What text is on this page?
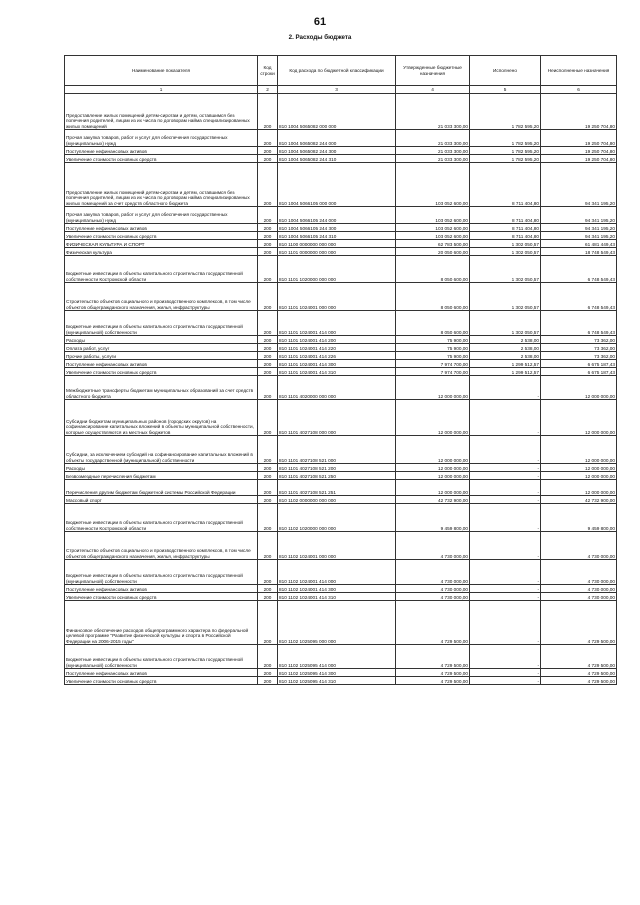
61
2. Расходы бюджета
Наименование показателя	Код строки	Код расхода по бюджетной классификации	Утвержденные бюджетные назначения	Исполнено	Неисполненные назначения
1	2	3	4	5	6
Предоставление жилых помещений детям-сиротам и детям, оставшимся без попечения родителей, лицам из их числа по договорам найма специализированных жилых помещений	200	810 1004 5065082 000 000	21 033 300,00	1 782 595,20	19 250 704,80
Прочая закупка товаров, работ и услуг для обеспечения государственных (муниципальных) нужд	200	810 1004 5065082 244 000	21 033 300,00	1 782 595,20	19 250 704,80
Поступление нефинансовых активов	200	810 1004 5065082 244 300	21 033 300,00	1 782 595,20	19 250 704,80
Увеличение стоимости основных средств	200	810 1004 5065082 244 310	21 033 300,00	1 782 595,20	19 250 704,80
Предоставление жилых помещений детям-сиротам и детям, оставшимся без попечения родителей, лицам из их числа по договорам найма специализированных жилых помещений за счет средств областного бюджета	200	810 1004 5066105 000 000	103 052 600,00	8 711 404,80	94 341 195,20
Прочая закупка товаров, работ и услуг для обеспечения государственных (муниципальных) нужд	200	810 1004 5066105 244 000	103 052 600,00	8 711 404,80	94 341 195,20
Поступление нефинансовых активов	200	810 1004 5066105 244 300	103 052 600,00	8 711 404,80	94 341 195,20
Увеличение стоимости основных средств	200	810 1004 5066105 244 310	103 052 600,00	8 711 404,80	94 341 195,20
ФИЗИЧЕСКАЯ КУЛЬТУРА И СПОРТ	200	810 1100 0000000 000 000	62 783 500,00	1 302 050,57	61 481 449,43
Физическая культура	200	810 1101 0000000 000 000	20 050 600,00	1 302 050,57	18 748 549,43
Бюджетные инвестиции в объекты капитального строительства государственной собственности Костромской области	200	810 1101 1020000 000 000	8 050 600,00	1 302 050,57	6 748 549,43
Строительство объектов социального и производственного комплексов, в том числе объектов общегражданского назначения, жилья, инфраструктуры	200	810 1101 1024001 000 000	8 050 600,00	1 302 050,57	6 748 549,43
Бюджетные инвестиции в объекты капитального строительства государственной (муниципальной) собственности	200	810 1101 1024001 414 000	8 050 600,00	1 302 050,57	6 748 549,43
Расходы	200	810 1101 1024001 414 200	75 900,00	2 538,00	73 362,00
Оплата работ, услуг	200	810 1101 1024001 414 220	75 900,00	2 538,00	73 362,00
Прочие работы, услуги	200	810 1101 1024001 414 226	75 900,00	2 538,00	73 362,00
Поступление нефинансовых активов	200	810 1101 1024001 414 300	7 974 700,00	1 299 512,57	6 675 187,43
Увеличение стоимости основных средств	200	810 1101 1024001 414 310	7 974 700,00	1 299 512,57	6 675 187,43
Межбюджетные трансферты бюджетам муниципальных образований за счет средств областного бюджета	200	810 1101 4020000 000 000	12 000 000,00	-	12 000 000,00
Субсидии бюджетам муниципальных районов (городских округов) на софинансирование капитальных вложений в объекты муниципальной собственности, которые осуществляются из местных бюджетов	200	810 1101 4027108 000 000	12 000 000,00	-	12 000 000,00
Субсидии, за исключением субсидий на софинансирование капитальных вложений в объекты государственной (муниципальной) собственности	200	810 1101 4027108 521 000	12 000 000,00	-	12 000 000,00
Расходы	200	810 1101 4027108 521 200	12 000 000,00	-	12 000 000,00
Безвозмездные перечисления бюджетам	200	810 1101 4027108 521 250	12 000 000,00	-	12 000 000,00
Перечисления другим бюджетам бюджетной системы Российской Федерации	200	810 1101 4027108 521 251	12 000 000,00	-	12 000 000,00
Массовый спорт	200	810 1102 0000000 000 000	42 732 900,00	-	42 732 900,00
Бюджетные инвестиции в объекты капитального строительства государственной собственности Костромской области	200	810 1102 1020000 000 000	9 459 800,00	-	9 459 800,00
Строительство объектов социального и производственного комплексов, в том числе объектов общегражданского назначения, жилья, инфраструктуры	200	810 1102 1024001 000 000	4 730 000,00	-	4 730 000,00
Бюджетные инвестиции в объекты капитального строительства государственной (муниципальной) собственности	200	810 1102 1024001 414 000	4 730 000,00	-	4 730 000,00
Поступление нефинансовых активов	200	810 1102 1024001 414 300	4 730 000,00	-	4 730 000,00
Увеличение стоимости основных средств	200	810 1102 1024001 414 310	4 730 000,00	-	4 730 000,00
Финансовое обеспечение расходов общепрограммного характера по федеральной целевой программе "Развитие физической культуры и спорта в Российской Федерации на 2006-2015 годы"	200	810 1102 1025095 000 000	4 729 500,00	-	4 729 500,00
Бюджетные инвестиции в объекты капитального строительства государственной (муниципальной) собственности	200	810 1102 1025095 414 000	4 729 500,00	-	4 729 500,00
Поступление нефинансовых активов	200	810 1102 1025095 414 300	4 729 500,00	-	4 729 500,00
Увеличение стоимости основных средств	200	810 1102 1025095 414 310	4 729 500,00	-	4 729 500,00
